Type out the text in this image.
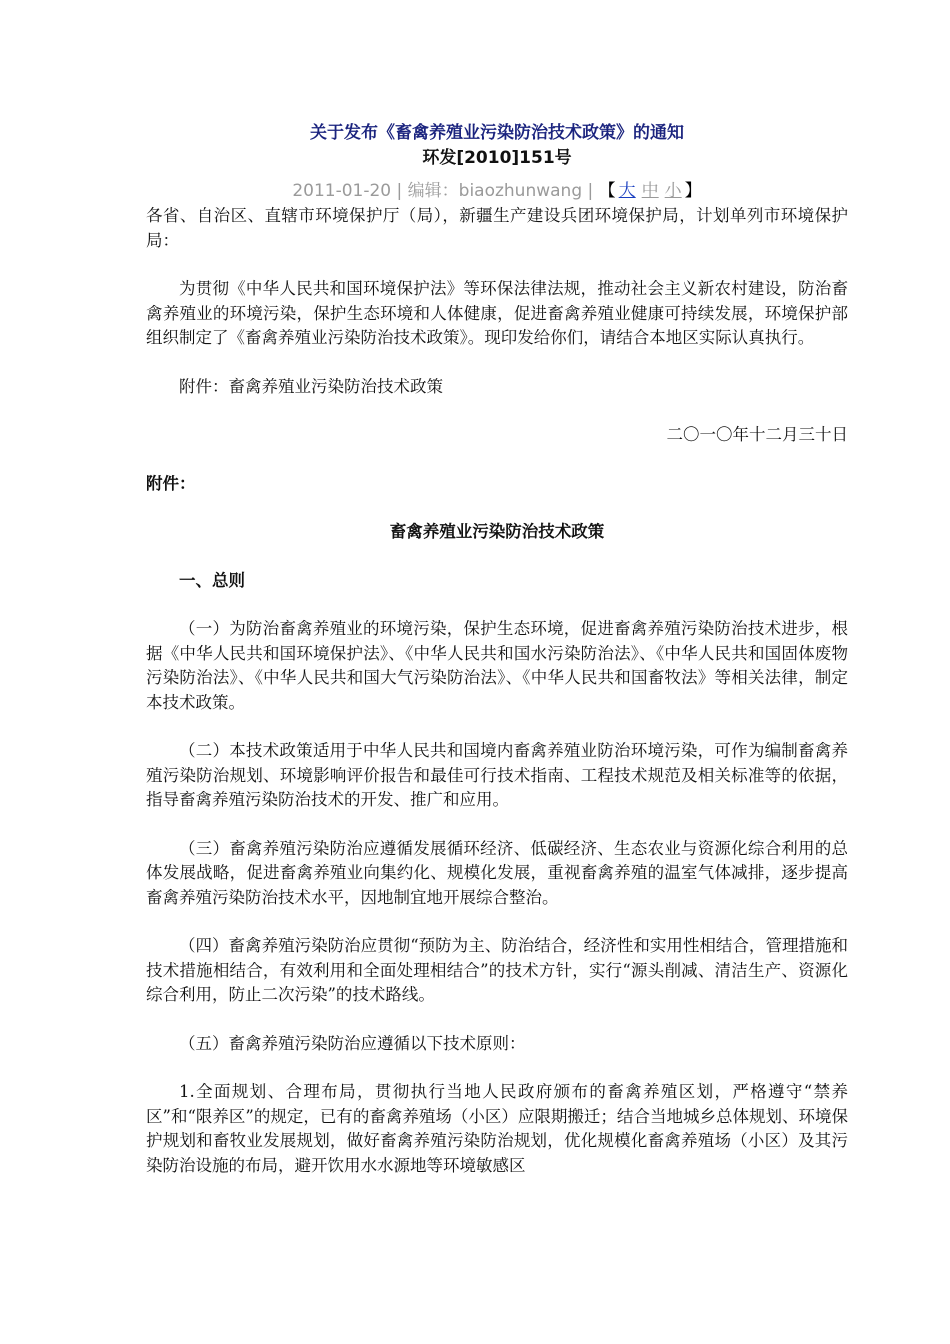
关于发布《畜禽养殖业污染防治技术政策》的通知
环发[2010]151号
2011-01-20 | 编辑：biaozhunwang | 【 大 中 小 】

各省、自治区、直辖市环境保护厅（局），新疆生产建设兵团环境保护局，计划单列市环境保护局：

为贯彻《中华人民共和国环境保护法》等环保法律法规，推动社会主义新农村建设，防治畜禽养殖业的环境污染，保护生态环境和人体健康，促进畜禽养殖业健康可持续发展，环境保护部组织制定了《畜禽养殖业污染防治技术政策》。现印发给你们，请结合本地区实际认真执行。

附件：畜禽养殖业污染防治技术政策

二〇一〇年十二月三十日

附件：

畜禽养殖业污染防治技术政策

一、总则

（一）为防治畜禽养殖业的环境污染，保护生态环境，促进畜禽养殖污染防治技术进步，根据《中华人民共和国环境保护法》、《中华人民共和国水污染防治法》、《中华人民共和国固体废物污染防治法》、《中华人民共和国大气污染防治法》、《中华人民共和国畜牧法》等相关法律，制定本技术政策。

（二）本技术政策适用于中华人民共和国境内畜禽养殖业防治环境污染，可作为编制畜禽养殖污染防治规划、环境影响评价报告和最佳可行技术指南、工程技术规范及相关标准等的依据，指导畜禽养殖污染防治技术的开发、推广和应用。

（三）畜禽养殖污染防治应遵循发展循环经济、低碳经济、生态农业与资源化综合利用的总体发展战略，促进畜禽养殖业向集约化、规模化发展，重视畜禽养殖的温室气体减排，逐步提高畜禽养殖污染防治技术水平，因地制宜地开展综合整治。

（四）畜禽养殖污染防治应贯彻“预防为主、防治结合，经济性和实用性相结合，管理措施和技术措施相结合，有效利用和全面处理相结合”的技术方针，实行“源头削减、清洁生产、资源化综合利用，防止二次污染”的技术路线。

（五）畜禽养殖污染防治应遵循以下技术原则：

1.全面规划、合理布局，贯彻执行当地人民政府颁布的畜禽养殖区划，严格遵守“禁养区”和“限养区”的规定，已有的畜禽养殖场（小区）应限期搬迁；结合当地城乡总体规划、环境保护规划和畜牧业发展规划，做好畜禽养殖污染防治规划，优化规模化畜禽养殖场（小区）及其污染防治设施的布局，避开饮用水水源地等环境敏感区
